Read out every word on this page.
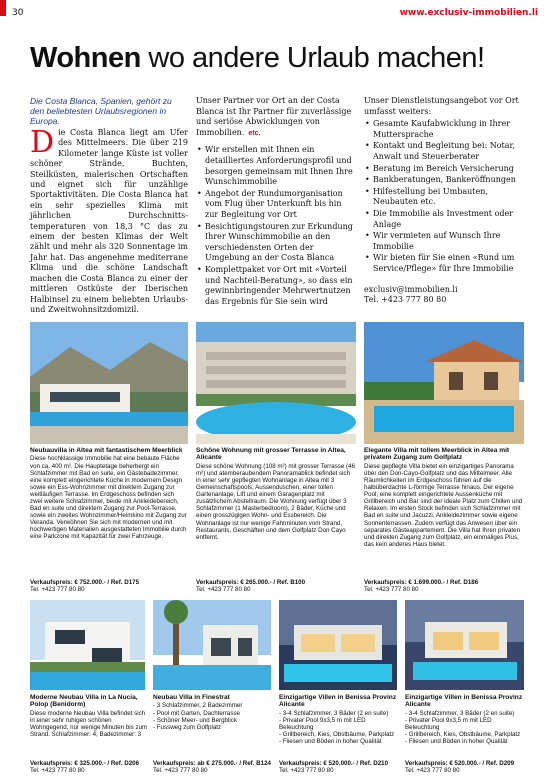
30	www.exclusiv-immobilien.li
Wohnen wo andere Urlaub machen!
Die Costa Blanca, Spanien, gehört zu den beliebtesten Urlaubsregionen in Europa.
Die Costa Blanca liegt am Ufer des Mittelmeers. Die über 219 Kilometer lange Küste ist voller schöner Strände, Buchten, Steilküsten, malerischen Ortschaften und eignet sich für unzählige Sportaktivitäten. Die Costa Blanca hat ein sehr spezielles Klima mit jährlichen Durchschnitts-temperaturen von 18,3 °C das zu einem der besten Klimas der Welt zählt und mehr als 320 Sonnentage im Jahr hat. Das angenehme mediterrane Klima und die schöne Landschaft machen die Costa Blanca zu einer der mittleren Ostküste der Iberischen Halbinsel zu einem beliebten Urlaubs- und Zweitwohnsitzdomizil.
Unser Partner vor Ort an der Costa Blanca ist Ihr Partner für zuverlässige und seriöse Abwicklungen von Immobilien. etc.
• Wir erstellen mit Ihnen ein detailliertes Anforderungsprofil und besorgen gemeinsam mit Ihnen Ihre Wunschimmobilie
• Angebot der Rundumorganisation vom Flug über Unterkunft bis hin zur Begleitung vor Ort
• Besichtigungstouren zur Erkundung Ihrer Wunschimmobilie an den verschiedensten Orten der Umgebung an der Costa Blanca
• Komplettpaket vor Ort mit «Vorteil und Nachteil-Beratung», so dass ein gewinnbringender Mehrwertnutzen das Ergebnis für Sie sein wird
Unser Dienstleistungsangebot vor Ort umfasst weiters:
• Gesamte Kaufabwicklung in Ihrer Muttersprache
• Kontakt und Begleitung bei: Notar, Anwalt und Steuerberater
• Beratung im Bereich Versicherung
• Bankberatungen, Bankeröffnungen
• Hilfestellung bei Umbauten, Neubauten etc.
• Die Immobilie als Investment oder Anlage
• Wir vermieten auf Wunsch Ihre Immobilie
• Wir bieten für Sie einen «Rund um Service/Pflege» für Ihre Immobilie
exclusiv@immobilien.li
Tel. +423 777 80 80
Neubauvilla in Altea mit fantastischem Meerblick
Diese hochklassige Immobilie hat eine bebaute Fläche von ca. 400 m². Die Hauptetage beherbergt ein Schlafzimmer mit Bad en suite, ein Gästebadezimmer, eine komplett eingerichtete Küche in modernem Design sowie ein Ess-Wohnzimmer mit direktem Zugang zur weitläufigen Terrasse. Im Erdgeschoss befinden sich zwei weitere Schlafzimmer, beide mit Ankleidebereich, Bad en suite und direktem Zugang zur Pool-Terrasse, sowie ein zweites Wohnzimmer/Heimkino mit Zugang zur Veranda. Verwöhnen Sie sich mit modernen und mit hochwertigen Materialien ausgestatteten Immobilie durch eine Parkzone mit Kapazität für zwei Fahrzeuge.
Verkaufspreis: € 752.000.- / Ref. D175
Tel. +423 777 80 80
Schöne Wohnung mit grosser Terrasse in Altea, Alicante
Diese schöne Wohnung (108 m²) mit grosser Terrasse (46 m²) und atemberaubendem Panoramablick befindet sich in einer sehr gepflegten Wohnanlage in Altea mit 3 Gemeinschaftspools, Aussenduschen, einer tollen Gartenanlage, Lift und einem Garagenplatz mit zusätzlichem Abstellraum. Die Wohnung verfügt über 3 Schlafzimmer (1 Masterbedroom), 2 Bäder, Küche und einen grosszügigen Wohn- und Essbereich. Die Wohnanlage ist nur wenige Fahrminuten vom Strand, Restaurants, Geschäften und dem Golfplatz Don Cayo entfernt.
Verkaufspreis: € 265.000.- / Ref. B100
Tel. +423 777 80 80
Elegante Villa mit tollem Meerblick in Altea mit privatem Zugang zum Golfplatz
Diese gepflegte Villa bietet ein einzigartiges Panorama über den Don-Cayo-Golfplatz und das Mittelmeer. Alle Räumlichkeiten im Erdgeschoss führen auf die halbüberdachte L-förmige Terrasse hinaus. Der eigene Pool, eine komplett eingerichtete Aussenküche mit Grillbereich und Bar sind der ideale Platz zum Chillen und Relaxen. Im ersten Stock befinden sich Schlafzimmer mit Bad en suite und Jacuzzi, Ankleidezimmer sowie eigene Sonnenterrassen. Zudem verfügt das Anwesen über ein separates Gästeappartement. Die Villa hat Ihren privaten und direkten Zugang zum Golfplatz, ein einmaliges Plus, das kein anderes Haus bietet.
Verkaufspreis: € 1.699.000.- / Ref. D186
Tel. +423 777 80 80
Moderne Neubau Villa in La Nucia, Polop (Benidorm)
Diese moderne Neubau Villa befindet sich in einer sehr ruhigen schönen Wohngegend, nur wenige Minuten bis zum Strand. Schlafzimmer: 4, Badezimmer: 3
Verkaufspreis: € 325.000.- / Ref. D206
Tel. +423 777 80 80
Neubau Villa in Finestrat
- 3 Schlafzimmer, 2 Badezimmer
- Pool mit Garten, Dachterrasse
- Schöner Meer- und Bergblick
- Fussweg zum Golfplatz
Verkaufspreis: ab € 275.000.- / Ref. B124
Tel. +423 777 80 80
Einzigartige Villen in Benissa Provinz Alicante
- 3-4 Schlafzimmer, 3 Bäder (2 en suite)
- Privater Pool 9x3,5 m mit LED Beleuchtung
- Grillbereich, Kies, Obstbäume, Parkplatz
- Fliesen und Böden in hoher Qualität
Verkaufspreis: € 520.000.- / Ref. D210
Tel. +423 777 80 80
Einzigartige Villen in Benissa Provinz Alicante
- 3-4 Schlafzimmer, 3 Bäder (2 en suite)
- Privater Pool 9x3,5 m mit LED Beleuchtung
- Grillbereich, Kies, Obstbäume, Parkplatz
- Fliesen und Böden in hoher Qualität
Verkaufspreis: € 520.000.- / Ref. D209
Tel. +423 777 80 80
